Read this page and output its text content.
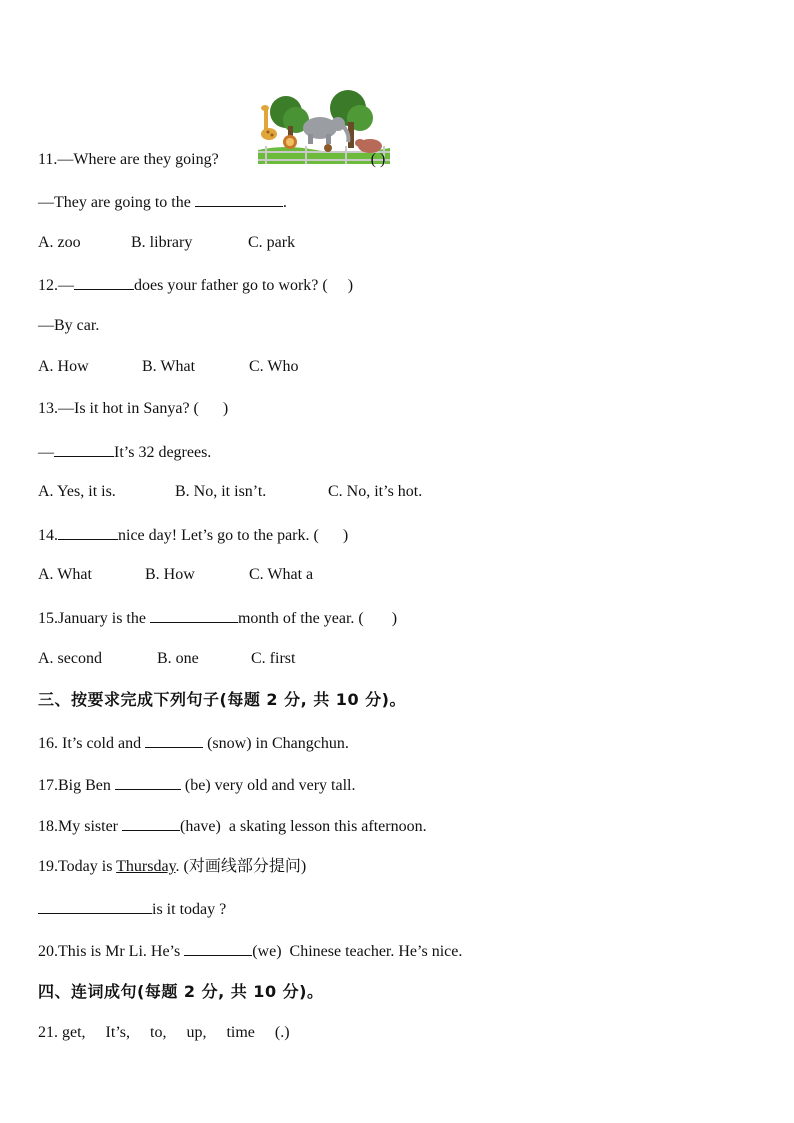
11.—Where are they going?	( )
—They are going to the	.
A. zoo	B. library	C. park
12.—	does your father go to work? (     )
—By car.
A. How	B. What	C. Who
13.—Is it hot in Sanya? (      )
—	It’s 32 degrees.
A. Yes, it is.	B. No, it isn’t.	C. No, it’s hot.
14.	nice day! Let’s go to the park. (      )
A. What	B. How	C. What a
15.January is the	month of the year. (       )
A. second	B. one	C. first
三、按要求完成下列句子(每题 2 分, 共 10 分)。
16. It’s cold and	(snow) in Changchun.
17.Big Ben	(be) very old and very tall.
18.My sister	(have)  a skating lesson this afternoon.
19.Today is Thursday. (对画线部分提问)
is it today ?
20.This is Mr Li. He’s	(we)  Chinese teacher. He’s nice.
四、连词成句(每题 2 分, 共 10 分)。
21. get,     It’s,     to,     up,     time     (.)
